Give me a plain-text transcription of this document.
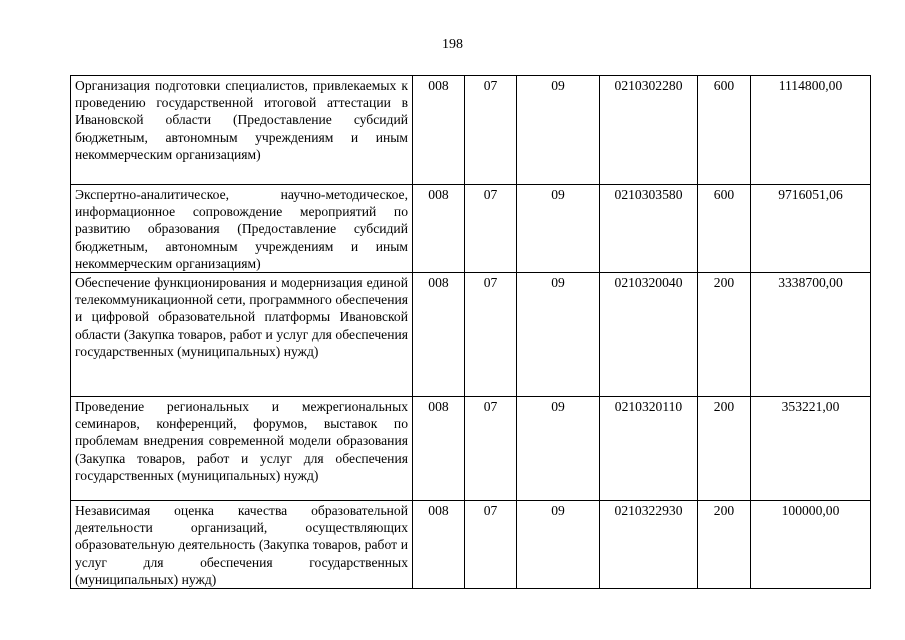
198
Организация подготовки специалистов, привлекаемых к проведению государственной итоговой аттестации в Ивановской области (Предоставление субсидий бюджетным, автономным учреждениям и иным некоммерческим организациям)	008	07	09	0210302280	600	1114800,00
Экспертно-аналитическое, научно-методическое, информационное сопровождение мероприятий по развитию образования (Предоставление субсидий бюджетным, автономным учреждениям и иным некоммерческим организациям)	008	07	09	0210303580	600	9716051,06
Обеспечение функционирования и модернизация единой телекоммуникационной сети, программного обеспечения и цифровой образовательной платформы Ивановской области (Закупка товаров, работ и услуг для обеспечения государственных (муниципальных) нужд)	008	07	09	0210320040	200	3338700,00
Проведение региональных и межрегиональных семинаров, конференций, форумов, выставок по проблемам внедрения современной модели образования (Закупка товаров, работ и услуг для обеспечения государственных (муниципальных) нужд)	008	07	09	0210320110	200	353221,00
Независимая оценка качества образовательной деятельности организаций, осуществляющих образовательную деятельность (Закупка товаров, работ и услуг для обеспечения государственных (муниципальных) нужд)	008	07	09	0210322930	200	100000,00
